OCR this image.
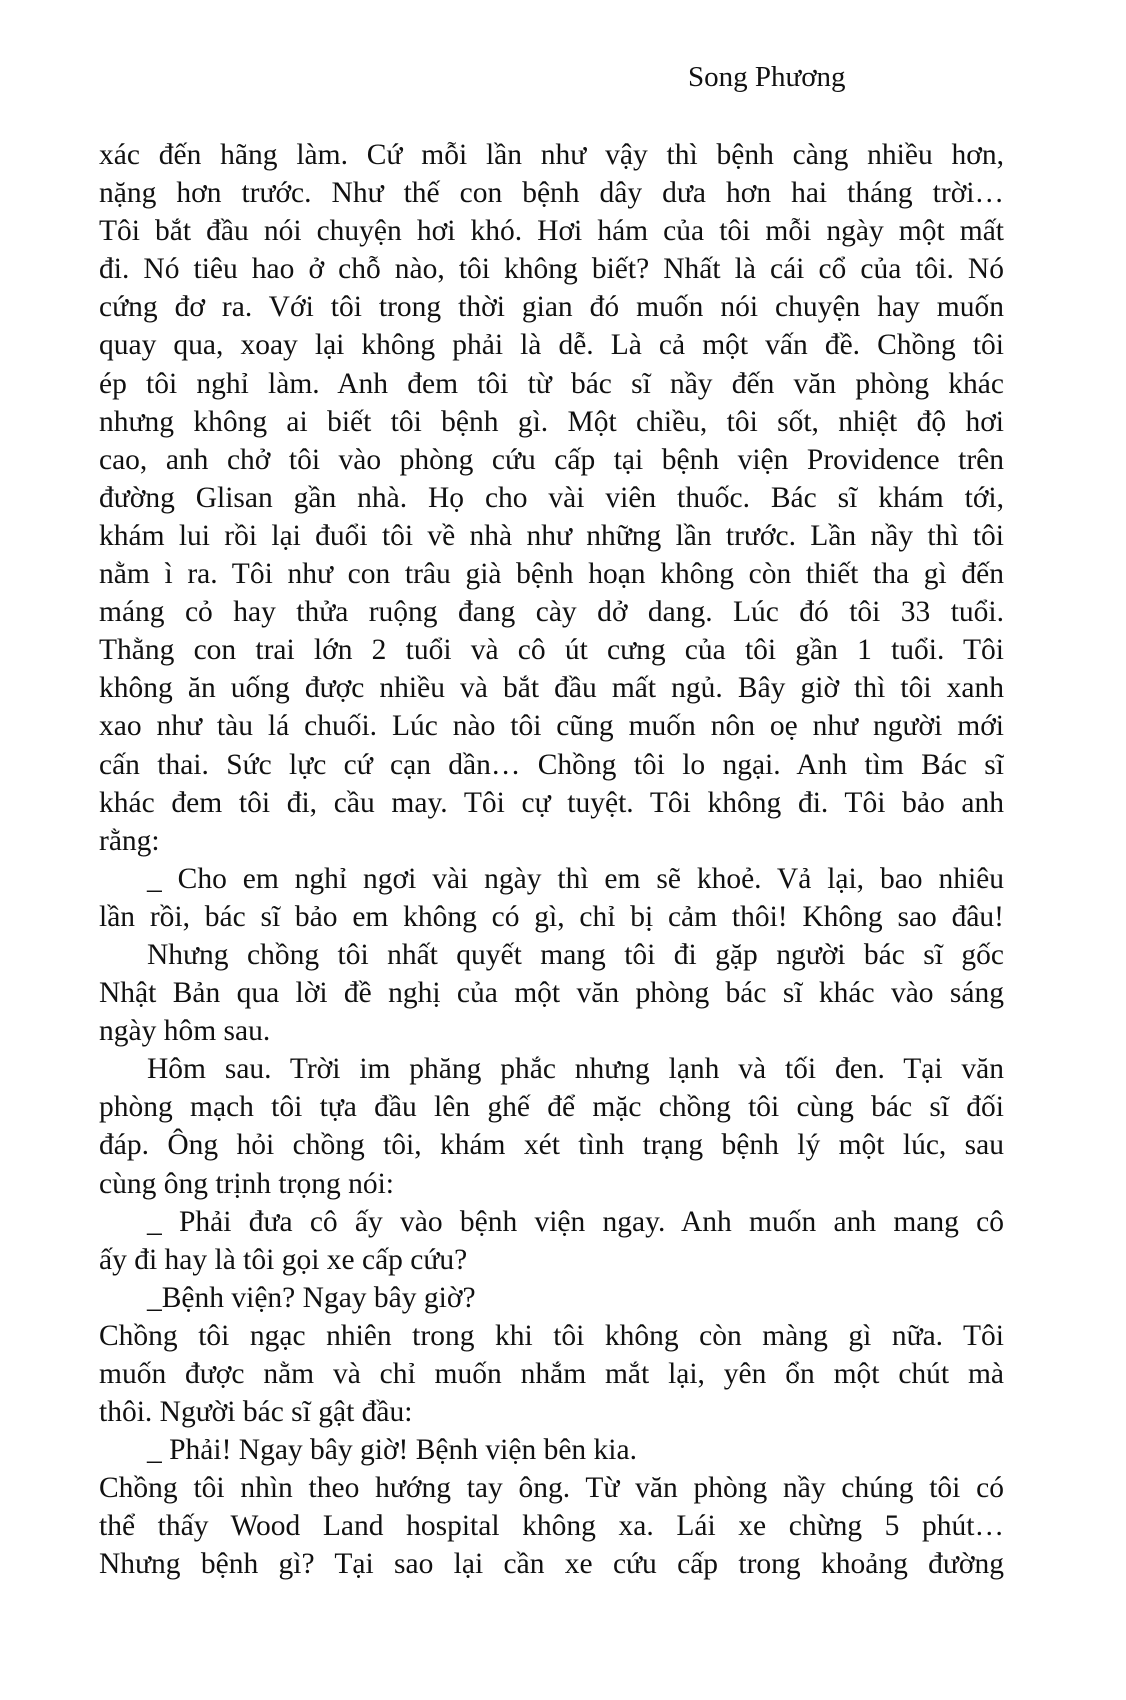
Song Phương
xác đến hãng làm. Cứ mỗi lần như vậy thì bệnh càng nhiều hơn,
nặng hơn trước. Như thế con bệnh dây dưa hơn hai tháng trời…
Tôi bắt đầu nói chuyện hơi khó. Hơi hám của tôi mỗi ngày một mất
đi. Nó tiêu hao ở chỗ nào, tôi không biết? Nhất là cái cổ của tôi. Nó
cứng đơ ra. Với tôi trong thời gian đó muốn nói chuyện hay muốn
quay qua, xoay lại không phải là dễ. Là cả một vấn đề. Chồng tôi
ép tôi nghỉ làm. Anh đem tôi từ bác sĩ nầy đến văn phòng khác
nhưng không ai biết tôi bệnh gì. Một chiều, tôi sốt, nhiệt độ hơi
cao, anh chở tôi vào phòng cứu cấp tại bệnh viện Providence trên
đường Glisan gần nhà. Họ cho vài viên thuốc. Bác sĩ khám tới,
khám lui rồi lại đuổi tôi về nhà như những lần trước. Lần nầy thì tôi
nằm ì ra. Tôi như con trâu già bệnh hoạn không còn thiết tha gì đến
máng cỏ hay thửa ruộng đang cày dở dang. Lúc đó tôi 33 tuổi.
Thằng con trai lớn 2 tuổi và cô út cưng của tôi gần 1 tuổi. Tôi
không ăn uống được nhiều và bắt đầu mất ngủ. Bây giờ thì tôi xanh
xao như tàu lá chuối. Lúc nào tôi cũng muốn nôn oẹ như người mới
cấn thai. Sức lực cứ cạn dần… Chồng tôi lo ngại. Anh tìm Bác sĩ
khác đem tôi đi, cầu may. Tôi cự tuyệt. Tôi không đi. Tôi bảo anh
rằng:
_ Cho em nghỉ ngơi vài ngày thì em sẽ khoẻ. Vả lại, bao nhiêu
lần rồi, bác sĩ bảo em không có gì, chỉ bị cảm thôi! Không sao đâu!
Nhưng chồng tôi nhất quyết mang tôi đi gặp người bác sĩ gốc
Nhật Bản qua lời đề nghị của một văn phòng bác sĩ khác vào sáng
ngày hôm sau.
Hôm sau. Trời im phăng phắc nhưng lạnh và tối đen. Tại văn
phòng mạch tôi tựa đầu lên ghế để mặc chồng tôi cùng bác sĩ đối
đáp. Ông hỏi chồng tôi, khám xét tình trạng bệnh lý một lúc, sau
cùng ông trịnh trọng nói:
_ Phải đưa cô ấy vào bệnh viện ngay. Anh muốn anh mang cô
ấy đi hay là tôi gọi xe cấp cứu?
_Bệnh viện? Ngay bây giờ?
Chồng tôi ngạc nhiên trong khi tôi không còn màng gì nữa. Tôi
muốn được nằm và chỉ muốn nhắm mắt lại, yên ổn một chút mà
thôi. Người bác sĩ gật đầu:
_ Phải! Ngay bây giờ! Bệnh viện bên kia.
Chồng tôi nhìn theo hướng tay ông. Từ văn phòng nầy chúng tôi có
thể thấy Wood Land hospital không xa. Lái xe chừng 5 phút…
Nhưng bệnh gì? Tại sao lại cần xe cứu cấp trong khoảng đường
